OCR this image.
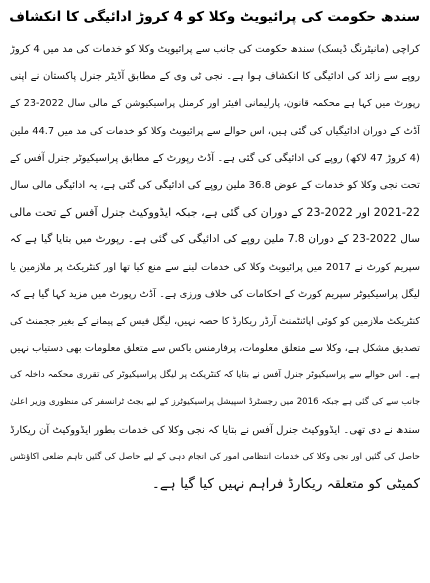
سندھ حکومت کی پرائیویٹ وکلا کو 4 کروڑ ادائیگی کا انکشاف
کراچی (مانیٹرنگ ڈیسک) سندھ حکومت کی جانب سے پرائیویٹ وکلا کو خدمات کی مد میں 4 کروڑ
روپے سے زائد کی ادائیگی کا انکشاف ہوا ہے۔ نجی ٹی وی کے مطابق آڈیٹر جنرل پاکستان نے اپنی
رپورٹ میں کہا ہے محکمہ قانون، پارلیمانی افیئر اور کرمنل پراسیکیوشن کے مالی سال 2022-23 کے
آڈٹ کے دوران ادائیگیاں کی گئی ہیں، اس حوالے سے پرائیویٹ وکلا کو خدمات کی مد میں 44.7 ملین
(4 کروڑ 47 لاکھ) روپے کی ادائیگی کی گئی ہے۔ آڈٹ رپورٹ کے مطابق پراسیکیوٹر جنرل آفس کے
تحت نجی وکلا کو خدمات کے عوض 36.8 ملین روپے کی ادائیگی کی گئی ہے، یہ ادائیگی مالی سال
2021-22 اور 2022-23 کے دوران کی گئی ہے، جبکہ ایڈووکیٹ جنرل آفس کے تحت مالی
سال 2022-23 کے دوران 7.8 ملین روپے کی ادائیگی کی گئی ہے۔ رپورٹ میں بتایا گیا ہے کہ
سپریم کورٹ نے 2017 میں پرائیویٹ وکلا کی خدمات لینے سے منع کیا تھا اور کنٹریکٹ پر ملازمین یا
لیگل پراسیکیوٹر سپریم کورٹ کے احکامات کی خلاف ورزی ہے۔ آڈٹ رپورٹ میں مزید کہا گیا ہے کہ
کنٹریکٹ ملازمین کو کوئی اپائنٹمنٹ آرڈر ریکارڈ کا حصہ نہیں، لیگل فیس کے پیمانے کے بغیر ججمنٹ کی
تصدیق مشکل ہے، وکلا سے متعلق معلومات، پرفارمنس باکس سے متعلق معلومات بھی دستیاب نہیں
ہے۔ اس حوالے سے پراسیکیوٹر جنرل آفس نے بتایا کہ کنٹریکٹ پر لیگل پراسیکیوٹر کی تقرری محکمہ داخلہ کی
جانب سے کی گئی ہے جبکہ 2016 میں رجسٹرڈ اسپیشل پراسیکیوٹرز کے لیے بجٹ ٹرانسفر کی منظوری وزیر اعلیٰ
سندھ نے دی تھی۔ ایڈووکیٹ جنرل آفس نے بتایا کہ نجی وکلا کی خدمات بطور ایڈووکیٹ آن ریکارڈ
حاصل کی گئیں اور نجی وکلا کی خدمات انتظامی امور کی انجام دہی کے لیے حاصل کی گئیں تاہم ضلعی اکاؤنٹس
کمیٹی کو متعلقہ ریکارڈ فراہم نہیں کیا گیا ہے۔
